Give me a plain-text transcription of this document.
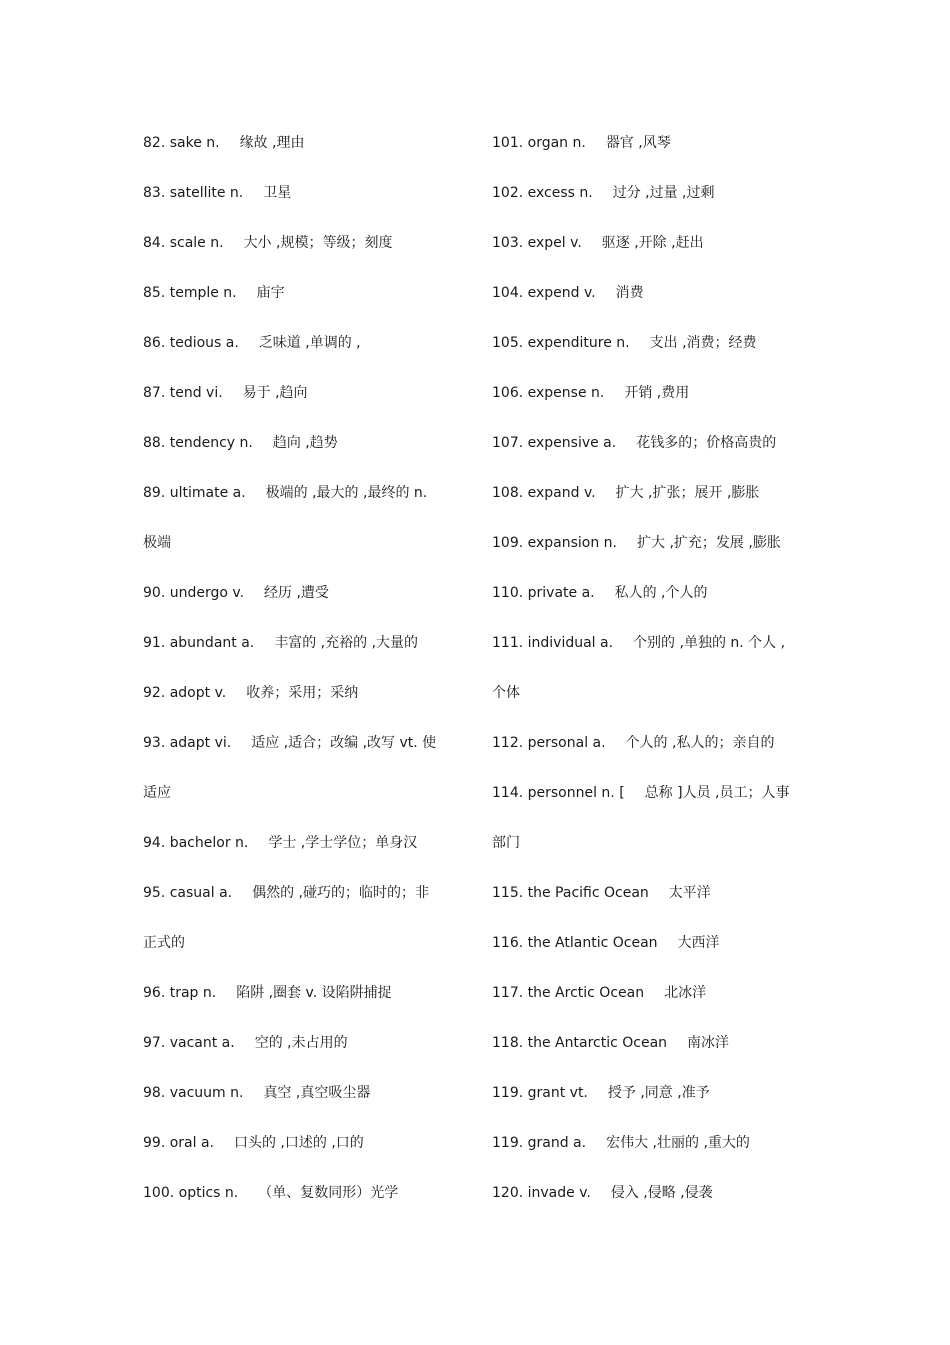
82. sake n. 缘故 ,理由
83. satellite n. 卫星
84. scale n. 大小 ,规模；等级；刻度
85. temple n. 庙宇
86. tedious a. 乏味道 ,单调的 ,
87. tend vi. 易于 ,趋向
88. tendency n. 趋向 ,趋势
89. ultimate a. 极端的 ,最大的 ,最终的 n.
极端
90. undergo v. 经历 ,遭受
91. abundant a. 丰富的 ,充裕的 ,大量的
92. adopt v. 收养；采用；采纳
93. adapt vi. 适应 ,适合；改编 ,改写 vt. 使
适应
94. bachelor n. 学士 ,学士学位；单身汉
95. casual a. 偶然的 ,碰巧的；临时的；非
正式的
96. trap n. 陷阱 ,圈套 v. 设陷阱捕捉
97. vacant a. 空的 ,未占用的
98. vacuum n. 真空 ,真空吸尘器
99. oral a. 口头的 ,口述的 ,口的
100. optics n. （单、复数同形）光学
101. organ n. 器官 ,风琴
102. excess n. 过分 ,过量 ,过剩
103. expel v. 驱逐 ,开除 ,赶出
104. expend v. 消费
105. expenditure n. 支出 ,消费；经费
106. expense n. 开销 ,费用
107. expensive a. 花钱多的；价格高贵的
108. expand v. 扩大 ,扩张；展开 ,膨胀
109. expansion n. 扩大 ,扩充；发展 ,膨胀
110. private a. 私人的 ,个人的
111. individual a. 个别的 ,单独的 n. 个人 ,
个体
112. personal a. 个人的 ,私人的；亲自的
114. personnel n. [ 总称 ]人员 ,员工；人事
部门
115. the Pacific Ocean 太平洋
116. the Atlantic Ocean 大西洋
117. the Arctic Ocean 北冰洋
118. the Antarctic Ocean 南冰洋
119. grant vt. 授予 ,同意 ,准予
119. grand a. 宏伟大 ,壮丽的 ,重大的
120. invade v. 侵入 ,侵略 ,侵袭
